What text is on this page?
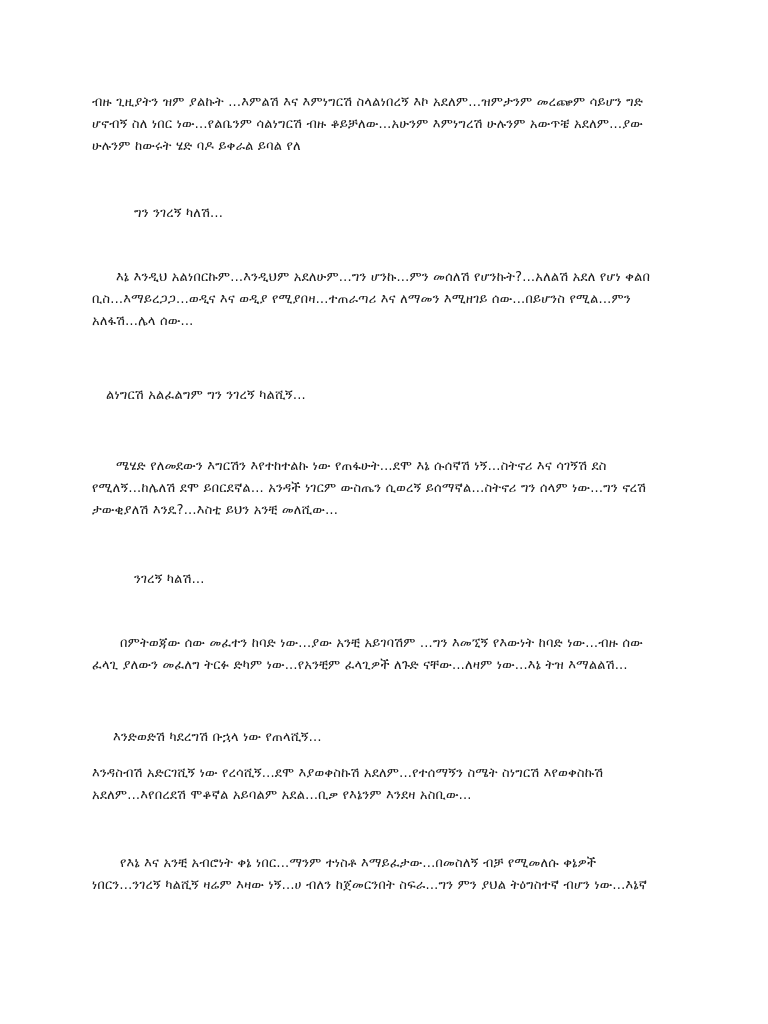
ብዙ ጊዚያትን ዝም ያልኩት ...እምልሽ እና እምነግርሽ ስላልነበረኝ እኮ አደለም...ዝምታንም መረጬም ሳይሆን ግድ
ሆኖብኝ ስለ ነበር ነው...የልቤንም ሳልነግርሽ ብዙ ቆይቻለው...አሁንም እምነግረሽ ሁሉንም አውጥቼ አደለም...ያው
ሁሉንም ከውሩት ሄድ ባዶ ይቀራል ይባል የለ

ግን ንገረኝ ካለሽ...

እኔ እንዲህ አልነበርኩም...እንዲህም አደለሁም...ግን ሆንኩ...ምን መሰለሽ የሆንኩት?...አለልሽ አደለ የሆነ ቀልበ
ቢስ...እማይረጋጋ...ወዲና እና ወዲያ የሚያበዛ...ተጠራጣሪ እና ለማመን እሚዘገይ ሰው...በይሆንስ የሚል...ምን
አለፋሽ...ሌላ ሰው...

ልነግርሽ አልፈልግም ግን ንገረኝ ካልሺኝ...

ሜሄድ የለመደውን እግርሽን እየተከተልኩ ነው የጠፋሁት...ደሞ እኔ ሱሰኛሽ ነኝ...ስትኖሪ እና ሳገኝሽ ደስ
የሚለኝ...ከሌለሽ ደሞ ይበርደኛል... አንዳች ነገርም ውስጤን ሲወረኝ ይሰማኛል...ስትኖሪ ግን ሰላም ነው...ግን ኖረሽ
ታውቂያለሽ እንዴ?...እስቲ ይህን አንቺ መለሺው...

ንገረኝ ካልሽ...

በምትወጃው ሰው መፈተን ከባድ ነው...ያው አንቺ አይገባሽም ...ግን እመኚኝ የእውነት ከባድ ነው...ብዙ ሰው
ፈላጊ ያለውን መፈለግ ትርፉ ድካም ነው...የአንቺም ፈላጊዎች ለጉድ ናቸው...ለዛም ነው...እኔ ትዝ እማልልሽ...

እንድወድሽ ካደረግሽ ቡኋላ ነው የጠላሺኝ...

እንዳስብሽ አድርገሺኝ ነው የረሳሺኝ...ደሞ እያወቀስኩሽ አደለም...የተሰማኝን ስሜት ስነግርሽ እየወቀስኩሽ
አደለም...እየበረደሽ ሞቆኛል አይባልም አደል...ቢቃ የእኔንም እንደዛ አስቢው...
የእኔ እና አንቺ አብሮነት ቀኔ ነበር...ማንም ተነስቶ እማይፈታው...በመስለኝ ብቻ የሚመለሱ ቀኔዎች
ነበርን...ንገረኝ ካልሺኝ ዛሬም እዛው ነኝ...ሀ ብለን ከጀመርንበት ስፍራ...ግን ምን ያህል ትዕግስተኛ ብሆን ነው...እኔኛ
